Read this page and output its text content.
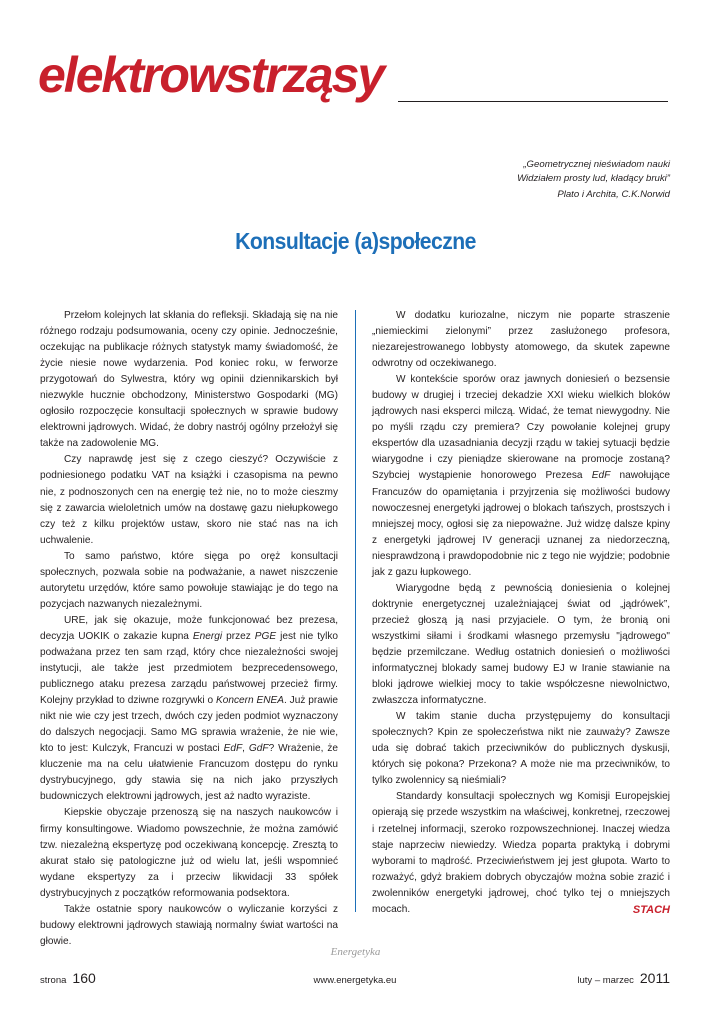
elektrowstrząsy
„Geometrycznej nieświadom nauki
Widziałem prosty lud, kładący bruki”
Plato i Archita, C.K.Norwid
Konsultacje (a)społeczne

Przełom kolejnych lat skłania do refleksji. Składają się na nie różnego rodzaju podsumowania, oceny czy opinie. Jednocześnie, oczekując na publikacje różnych statystyk mamy świadomość, że życie niesie nowe wydarzenia. Pod koniec roku, w ferworze przygotowań do Sylwestra, który wg opinii dziennikarskich był niezwykle hucznie obchodzony, Ministerstwo Gospodarki (MG) ogłosiło rozpoczęcie konsultacji społecznych w sprawie budowy elektrowni jądrowych. Widać, że dobry nastrój ogólny przełożył się także na zadowolenie MG.

Czy naprawdę jest się z czego cieszyć? Oczywiście z podniesionego podatku VAT na książki i czasopisma na pewno nie, z podnoszonych cen na energię też nie, no to może cieszmy się z zawarcia wieloletnich umów na dostawę gazu niełupkowego czy też z kilku projektów ustaw, skoro nie stać nas na ich uchwalenie.

To samo państwo, które sięga po oręż konsultacji społecznych, pozwala sobie na podważanie, a nawet niszczenie autorytetu urzędów, które samo powołuje stawiając je do tego na pozycjach nazwanych niezależnymi.

URE, jak się okazuje, może funkcjonować bez prezesa, decyzja UOKIK o zakazie kupna Energi przez PGE jest nie tylko podważana przez ten sam rząd, który chce niezależności swojej instytucji, ale także jest przedmiotem bezprecedensowego, publicznego ataku prezesa zarządu państwowej przecież firmy. Kolejny przykład to dziwne rozgrywki o Koncern ENEA. Już prawie nikt nie wie czy jest trzech, dwóch czy jeden podmiot wyznaczony do dalszych negocjacji. Samo MG sprawia wrażenie, że nie wie, kto to jest: Kulczyk, Francuzi w postaci EdF, GdF? Wrażenie, że kluczenie ma na celu ułatwienie Francuzom dostępu do rynku dystrybucyjnego, gdy stawia się na nich jako przyszłych budowniczych elektrowni jądrowych, jest aż nadto wyraziste.

Kiepskie obyczaje przenoszą się na naszych naukowców i firmy konsultingowe. Wiadomo powszechnie, że można zamówić tzw. niezależną ekspertyzę pod oczekiwaną koncepcję. Zresztą to akurat stało się patologiczne już od wielu lat, jeśli wspomnieć wydane ekspertyzy za i przeciw likwidacji 33 spółek dystrybucyjnych z początków reformowania podsektora.

Także ostatnie spory naukowców o wyliczanie korzyści z budowy elektrowni jądrowych stawiają normalny świat wartości na głowie.

W dodatku kuriozalne, niczym nie poparte straszenie „niemieckimi zielonymi” przez zasłużonego profesora, niezarejestrowanego lobbysty atomowego, da skutek zapewne odwrotny od oczekiwanego.

W kontekście sporów oraz jawnych doniesień o bezsensie budowy w drugiej i trzeciej dekadzie XXI wieku wielkich bloków jądrowych nasi eksperci milczą. Widać, że temat niewygodny. Nie po myśli rządu czy premiera? Czy powołanie kolejnej grupy ekspertów dla uzasadniania decyzji rządu w takiej sytuacji będzie wiarygodne i czy pieniądze skierowane na promocje zostaną? Szybciej wystąpienie honorowego Prezesa EdF nawołujące Francuzów do opamiętania i przyjrzenia się możliwości budowy nowoczesnej energetyki jądrowej o blokach tańszych, prostszych i mniejszej mocy, ogłosi się za niepoważne. Już widzę dalsze kpiny z energetyki jądrowej IV generacji uznanej za niedorzeczną, niesprawdzoną i prawdopodobnie nic z tego nie wyjdzie; podobnie jak z gazu łupkowego.

Wiarygodne będą z pewnością doniesienia o kolejnej doktrynie energetycznej uzależniającej świat od „jądrówek”, przecież głoszą ją nasi przyjaciele. O tym, że bronią oni wszystkimi siłami i środkami własnego przemysłu "jądrowego" będzie przemilczane. Według ostatnich doniesień o możliwości informatycznej blokady samej budowy EJ w Iranie stawianie na bloki jądrowe wielkiej mocy to takie współczesne niewolnictwo, zwłaszcza informatyczne.

W takim stanie ducha przystępujemy do konsultacji społecznych? Kpin ze społeczeństwa nikt nie zauważy? Zawsze uda się dobrać takich przeciwników do publicznych dyskusji, których się pokona? Przekona? A może nie ma przeciwników, to tylko zwolennicy są nieśmiali?

Standardy konsultacji społecznych wg Komisji Europejskiej opierają się przede wszystkim na właściwej, konkretnej, rzeczowej i rzetelnej informacji, szeroko rozpowszechnionej. Inaczej wiedza staje naprzeciw niewiedzy. Wiedza poparta praktyką i dobrymi wyborami to mądrość. Przeciwieństwem jej jest głupota. Warto to rozważyć, gdyż brakiem dobrych obyczajów można sobie zrazić i zwolenników energetyki jądrowej, choć tylko tej o mniejszych mocach.	STACH
Energetyka
strona 160	www.energetyka.eu	luty – marzec 2011
